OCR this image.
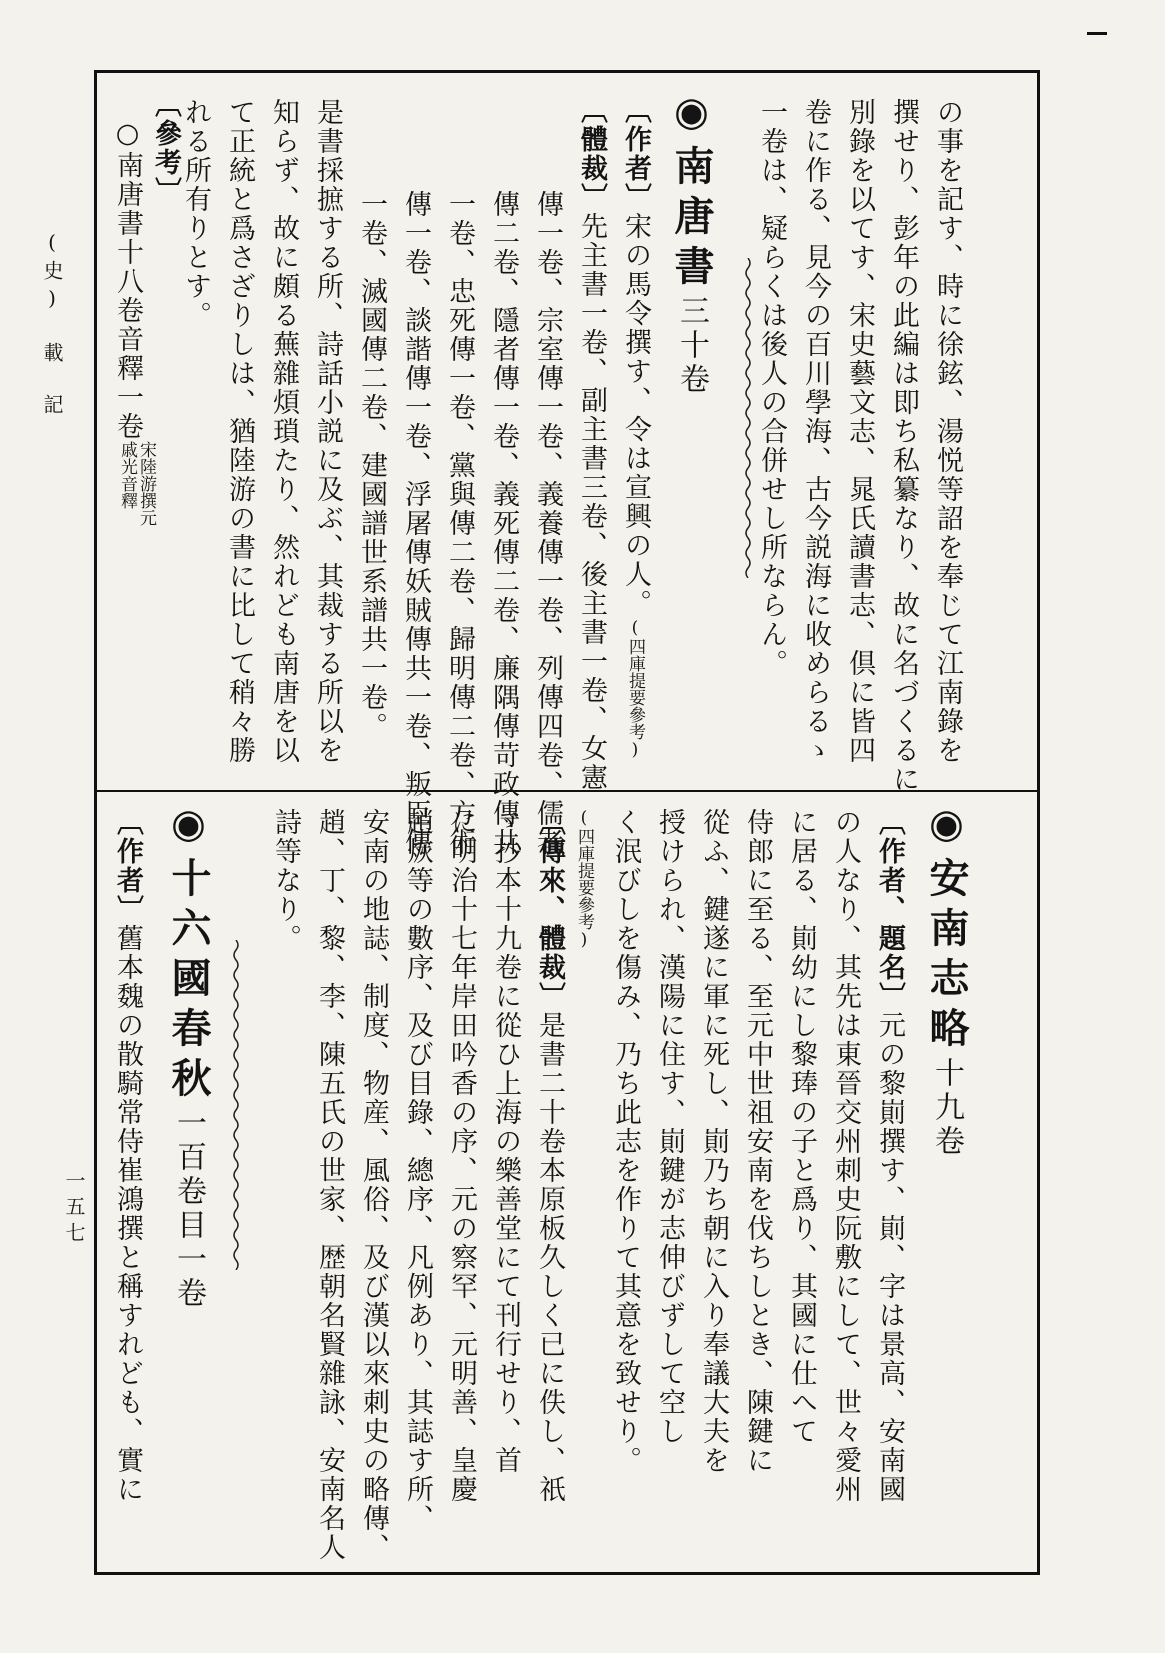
(史)　載　記
一五七
の事を記す、時に徐鉉、湯悦等詔を奉じて江南錄を
撰せり、彭年の此編は即ち私纂なり、故に名づくるに
別錄を以てす、宋史藝文志、晁氏讀書志、倶に皆四
卷に作る、見今の百川學海、古今説海に收めらるゝ
一卷は、疑らくは後人の合併せし所ならん。
◉南唐書三十卷
〔作者〕宋の馬令撰す、令は宣興の人。(四庫提要參考)
〔體裁〕先主書一卷、副主書三卷、後主書一卷、女憲
傳一卷、宗室傳一卷、義養傳一卷、列傳四卷、儒者
傳二卷、隱者傳一卷、義死傳二卷、廉隅傳苛政傳共
一卷、忠死傳一卷、黨與傳二卷、歸明傳二卷、方術
傳一卷、談諧傳一卷、浮屠傳妖賊傳共一卷、叛臣傳
一卷、滅國傳二卷、建國譜世系譜共一卷。
是書採摭する所、詩話小説に及ぶ、其裁する所以を
知らず、故に頗る蕪雜煩瑣たり、然れども南唐を以
て正統と爲さざりしは、猶陸游の書に比して稍々勝
れる所有りとす。
〔參考〕
○南唐書十八卷音釋一卷宋陸游撰元戚光音釋
◉安南志略十九卷
〔作者、題名〕元の黎崱撰す、崱、字は景高、安南國
の人なり、其先は東晉交州刺史阮敷にして、世々愛州
に居る、崱幼にし黎琫の子と爲り、其國に仕へて
侍郎に至る、至元中世祖安南を伐ちしとき、陳鍵に
從ふ、鍵遂に軍に死し、崱乃ち朝に入り奉議大夫を
授けられ、漢陽に住す、崱鍵が志伸びずして空し
く泯びしを傷み、乃ち此志を作りて其意を致せり。
(四庫提要參考)
〔傳來、體裁〕是書二十卷本原板久しく已に佚し、祇
ゞ抄本十九卷に從ひ上海の樂善堂にて刊行せり、首
に明治十七年岸田吟香の序、元の察罕、元明善、皇慶
趙烣等の數序、及び目錄、總序、凡例あり、其誌す所、
安南の地誌、制度、物産、風俗、及び漢以來刺史の略傳、
趙、丁、黎、李、陳五氏の世家、歴朝名賢雜詠、安南名人
詩等なり。
◉十六國春秋一百卷目一卷
〔作者〕舊本魏の散騎常侍崔鴻撰と稱すれども、實に
